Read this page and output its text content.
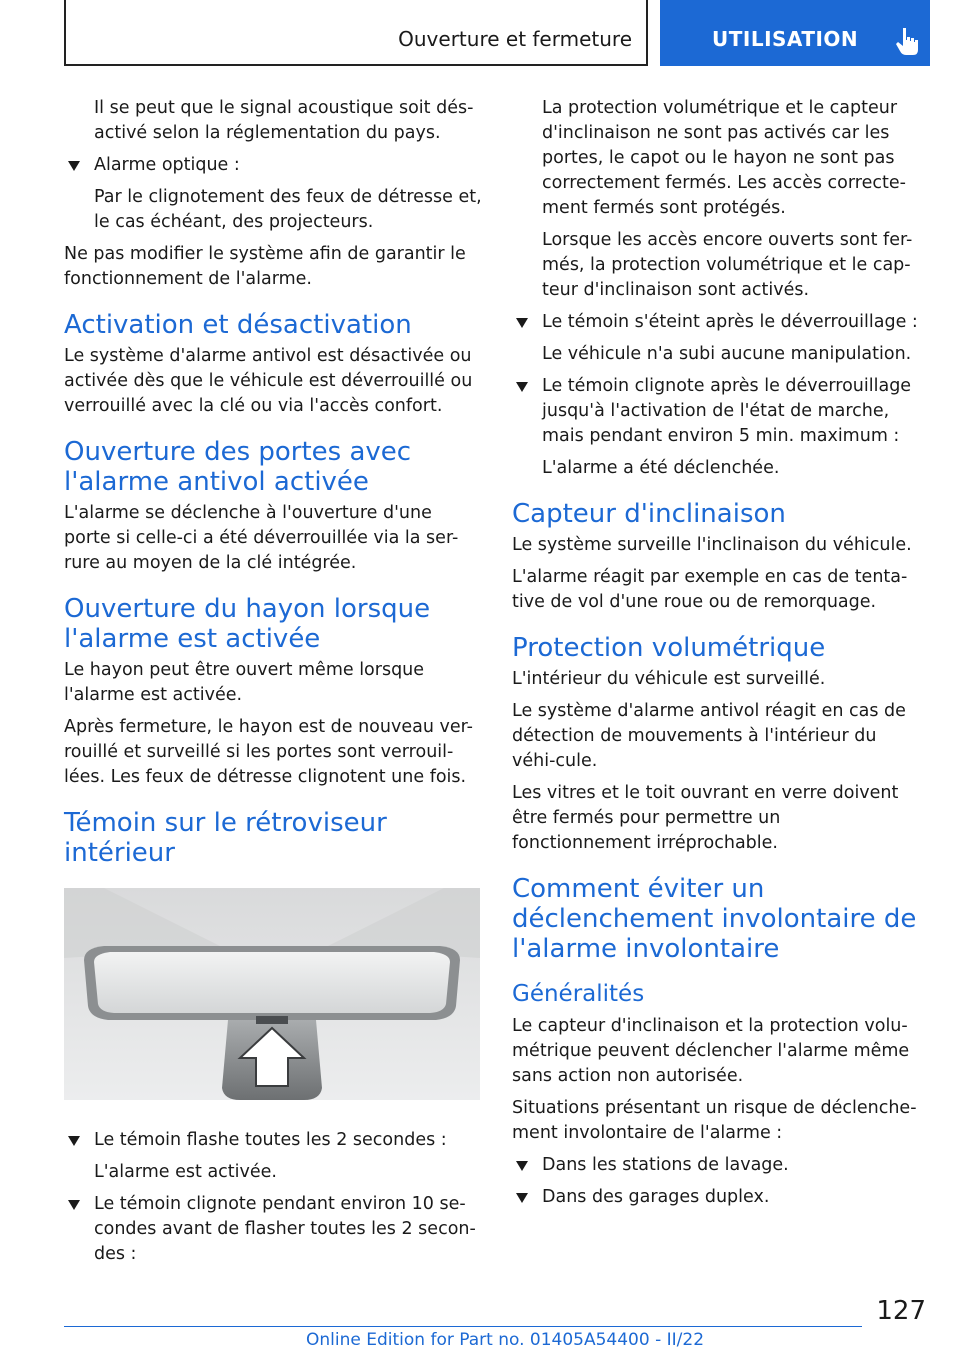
Ouverture et fermeture	UTILISATION
Il se peut que le signal acoustique soit dés-activé selon la réglementation du pays.
Alarme optique :
Par le clignotement des feux de détresse et, le cas échéant, des projecteurs.
Ne pas modifier le système afin de garantir le fonctionnement de l'alarme.
Activation et désactivation
Le système d'alarme antivol est désactivée ou activée dès que le véhicule est déverrouillé ou verrouillé avec la clé ou via l'accès confort.
Ouverture des portes avec l'alarme antivol activée
L'alarme se déclenche à l'ouverture d'une porte si celle-ci a été déverrouillée via la ser-rure au moyen de la clé intégrée.
Ouverture du hayon lorsque l'alarme est activée
Le hayon peut être ouvert même lorsque l'alarme est activée.
Après fermeture, le hayon est de nouveau ver-rouillé et surveillé si les portes sont verrouil-lées. Les feux de détresse clignotent une fois.
Témoin sur le rétroviseur intérieur
Le témoin flashe toutes les 2 secondes :
L'alarme est activée.
Le témoin clignote pendant environ 10 se-condes avant de flasher toutes les 2 secon-des :
La protection volumétrique et le capteur d'inclinaison ne sont pas activés car les portes, le capot ou le hayon ne sont pas correctement fermés. Les accès correcte-ment fermés sont protégés.
Lorsque les accès encore ouverts sont fer-més, la protection volumétrique et le cap-teur d'inclinaison sont activés.
Le témoin s'éteint après le déverrouillage :
Le véhicule n'a subi aucune manipulation.
Le témoin clignote après le déverrouillage jusqu'à l'activation de l'état de marche, mais pendant environ 5 min. maximum :
L'alarme a été déclenchée.
Capteur d'inclinaison
Le système surveille l'inclinaison du véhicule.
L'alarme réagit par exemple en cas de tenta-tive de vol d'une roue ou de remorquage.
Protection volumétrique
L'intérieur du véhicule est surveillé.
Le système d'alarme antivol réagit en cas de détection de mouvements à l'intérieur du véhi-cule.
Les vitres et le toit ouvrant en verre doivent être fermés pour permettre un fonctionnement irréprochable.
Comment éviter un déclenchement involontaire de l'alarme involontaire
Généralités
Le capteur d'inclinaison et la protection volu-métrique peuvent déclencher l'alarme même sans action non autorisée.
Situations présentant un risque de déclenche-ment involontaire de l'alarme :
Dans les stations de lavage.
Dans des garages duplex.
127
Online Edition for Part no. 01405A54400 - II/22
